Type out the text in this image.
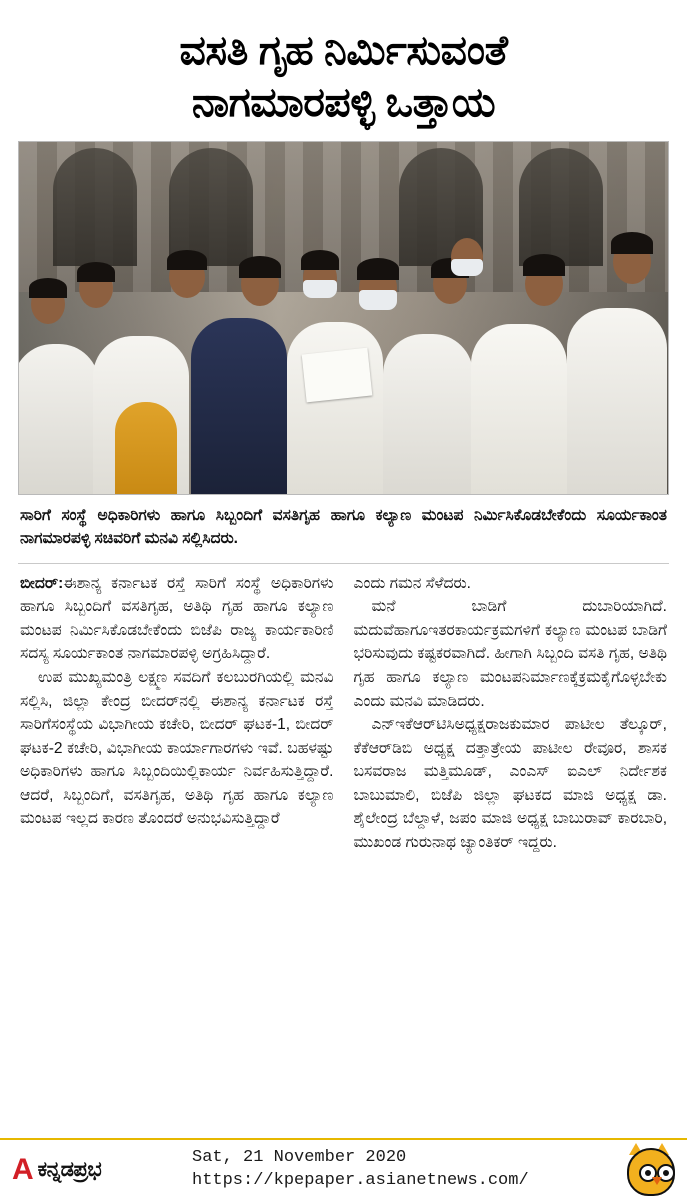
ವಸತಿ ಗೃಹ ನಿರ್ಮಿಸುವಂತೆ
ನಾಗಮಾರಪಳ್ಳಿ ಒತ್ತಾಯ
ಸಾರಿಗೆ ಸಂಸ್ಥೆ ಅಧಿಕಾರಿಗಳು ಹಾಗೂ ಸಿಬ್ಬಂದಿಗೆ ವಸತಿಗೃಹ ಹಾಗೂ ಕಲ್ಯಾಣ ಮಂಟಪ ನಿರ್ಮಿಸಿಕೊಡಬೇಕೆಂದು ಸೂರ್ಯಕಾಂತ ನಾಗಮಾರಪಳ್ಳಿ ಸಚಿವರಿಗೆ ಮನವಿ ಸಲ್ಲಿಸಿದರು.

ಬೀದರ್‌:ಈಶಾನ್ಯ ಕರ್ನಾಟಕ ರಸ್ತೆ ಸಾರಿಗೆ ಸಂಸ್ಥೆ ಅಧಿಕಾರಿಗಳು ಹಾಗೂ ಸಿಬ್ಬಂದಿಗೆ ವಸತಿಗೃಹ, ಅತಿಥಿ ಗೃಹ ಹಾಗೂ ಕಲ್ಯಾಣ ಮಂಟಪ ನಿರ್ಮಿಸಿಕೊಡಬೇಕೆಂದು ಬಿಜೆಪಿ ರಾಜ್ಯ ಕಾರ್ಯಕಾರಿಣಿ ಸದಸ್ಯ ಸೂರ್ಯಕಾಂತ ನಾಗಮಾರಪಳ್ಳಿ ಅಗ್ರಹಿಸಿದ್ದಾರೆ.

ಉಪ ಮುಖ್ಯಮಂತ್ರಿ ಲಕ್ಷ್ಮಣ ಸವದಿಗೆ ಕಲಬುರಗಿಯಲ್ಲಿ ಮನವಿ ಸಲ್ಲಿಸಿ, ಜಿಲ್ಲಾ ಕೇಂದ್ರ ಬೀದರ್‌ನಲ್ಲಿ ಈಶಾನ್ಯ ಕರ್ನಾಟಕ ರಸ್ತೆ ಸಾರಿಗೆಸಂಸ್ಥೆಯ ವಿಭಾಗೀಯ ಕಚೇರಿ, ಬೀದರ್‌ ಘಟಕ-1, ಬೀದರ್‌ ಘಟಕ-2 ಕಚೇರಿ, ವಿಭಾಗೀಯ ಕಾರ್ಯಾಗಾರಗಳು ಇವೆ. ಬಹಳಷ್ಟು ಅಧಿಕಾರಿಗಳು ಹಾಗೂ ಸಿಬ್ಬಂದಿಯಿಲ್ಲಿಕಾರ್ಯ ನಿರ್ವಹಿಸುತ್ತಿದ್ದಾರೆ. ಆದರೆ, ಸಿಬ್ಬಂದಿಗೆ, ವಸತಿಗೃಹ, ಅತಿಥಿ ಗೃಹ ಹಾಗೂ ಕಲ್ಯಾಣ ಮಂಟಪ ಇಲ್ಲದ ಕಾರಣ ತೊಂದರೆ ಅನುಭವಿಸುತ್ತಿದ್ದಾರೆ

ಎಂದು ಗಮನ ಸೆಳೆದರು.

ಮನೆ ಬಾಡಿಗೆ ದುಬಾರಿಯಾಗಿದೆ. ಮದುವೆಹಾಗೂಇತರಕಾರ್ಯಕ್ರಮಗಳಿಗೆ ಕಲ್ಯಾಣ ಮಂಟಪ ಬಾಡಿಗೆ ಭರಿಸುವುದು ಕಷ್ಟಕರವಾಗಿದೆ. ಹೀಗಾಗಿ ಸಿಬ್ಬಂದಿ ವಸತಿ ಗೃಹ, ಅತಿಥಿ ಗೃಹ ಹಾಗೂ ಕಲ್ಯಾಣ ಮಂಟಪನಿರ್ಮಾಣಕ್ಕೆಕ್ರಮಕೈಗೊಳ್ಳಬೇಕು ಎಂದು ಮನವಿ ಮಾಡಿದರು.

ಎನ್‌ಇಕೆಆರ್‌ಟಿಸಿಅಧ್ಯಕ್ಷರಾಜಕುಮಾರ ಪಾಟೀಲ ತೆಲ್ಕೂರ್‌, ಕೆಕೆಆರ್‌ಡಿಬಿ ಅಧ್ಯಕ್ಷ ದತ್ತಾತ್ರೇಯ ಪಾಟೀಲ ರೇವೂರ, ಶಾಸಕ ಬಸವರಾಜ ಮತ್ತಿಮೂಡ್‌, ಎಂಎಸ್‌ ಐಎಲ್‌ ನಿರ್ದೇಶಕ ಬಾಬುಮಾಲಿ, ಬಿಜೆಪಿ ಜಿಲ್ಲಾ ಘಟಕದ ಮಾಜಿ ಅಧ್ಯಕ್ಷ ಡಾ. ಶೈಲೇಂದ್ರ ಬೆಲ್ದಾಳೆ, ಜಪಂ ಮಾಜಿ ಅಧ್ಯಕ್ಷ ಬಾಬುರಾವ್‌ ಕಾರಬಾರಿ, ಮುಖಂಡ ಗುರುನಾಥ ಜ್ಯಾಂತಿಕರ್‌ ಇದ್ದರು.

A ಕನ್ನಡಪ್ರಭ
Sat, 21 November 2020
https://kpepaper.asianetnews.com/
